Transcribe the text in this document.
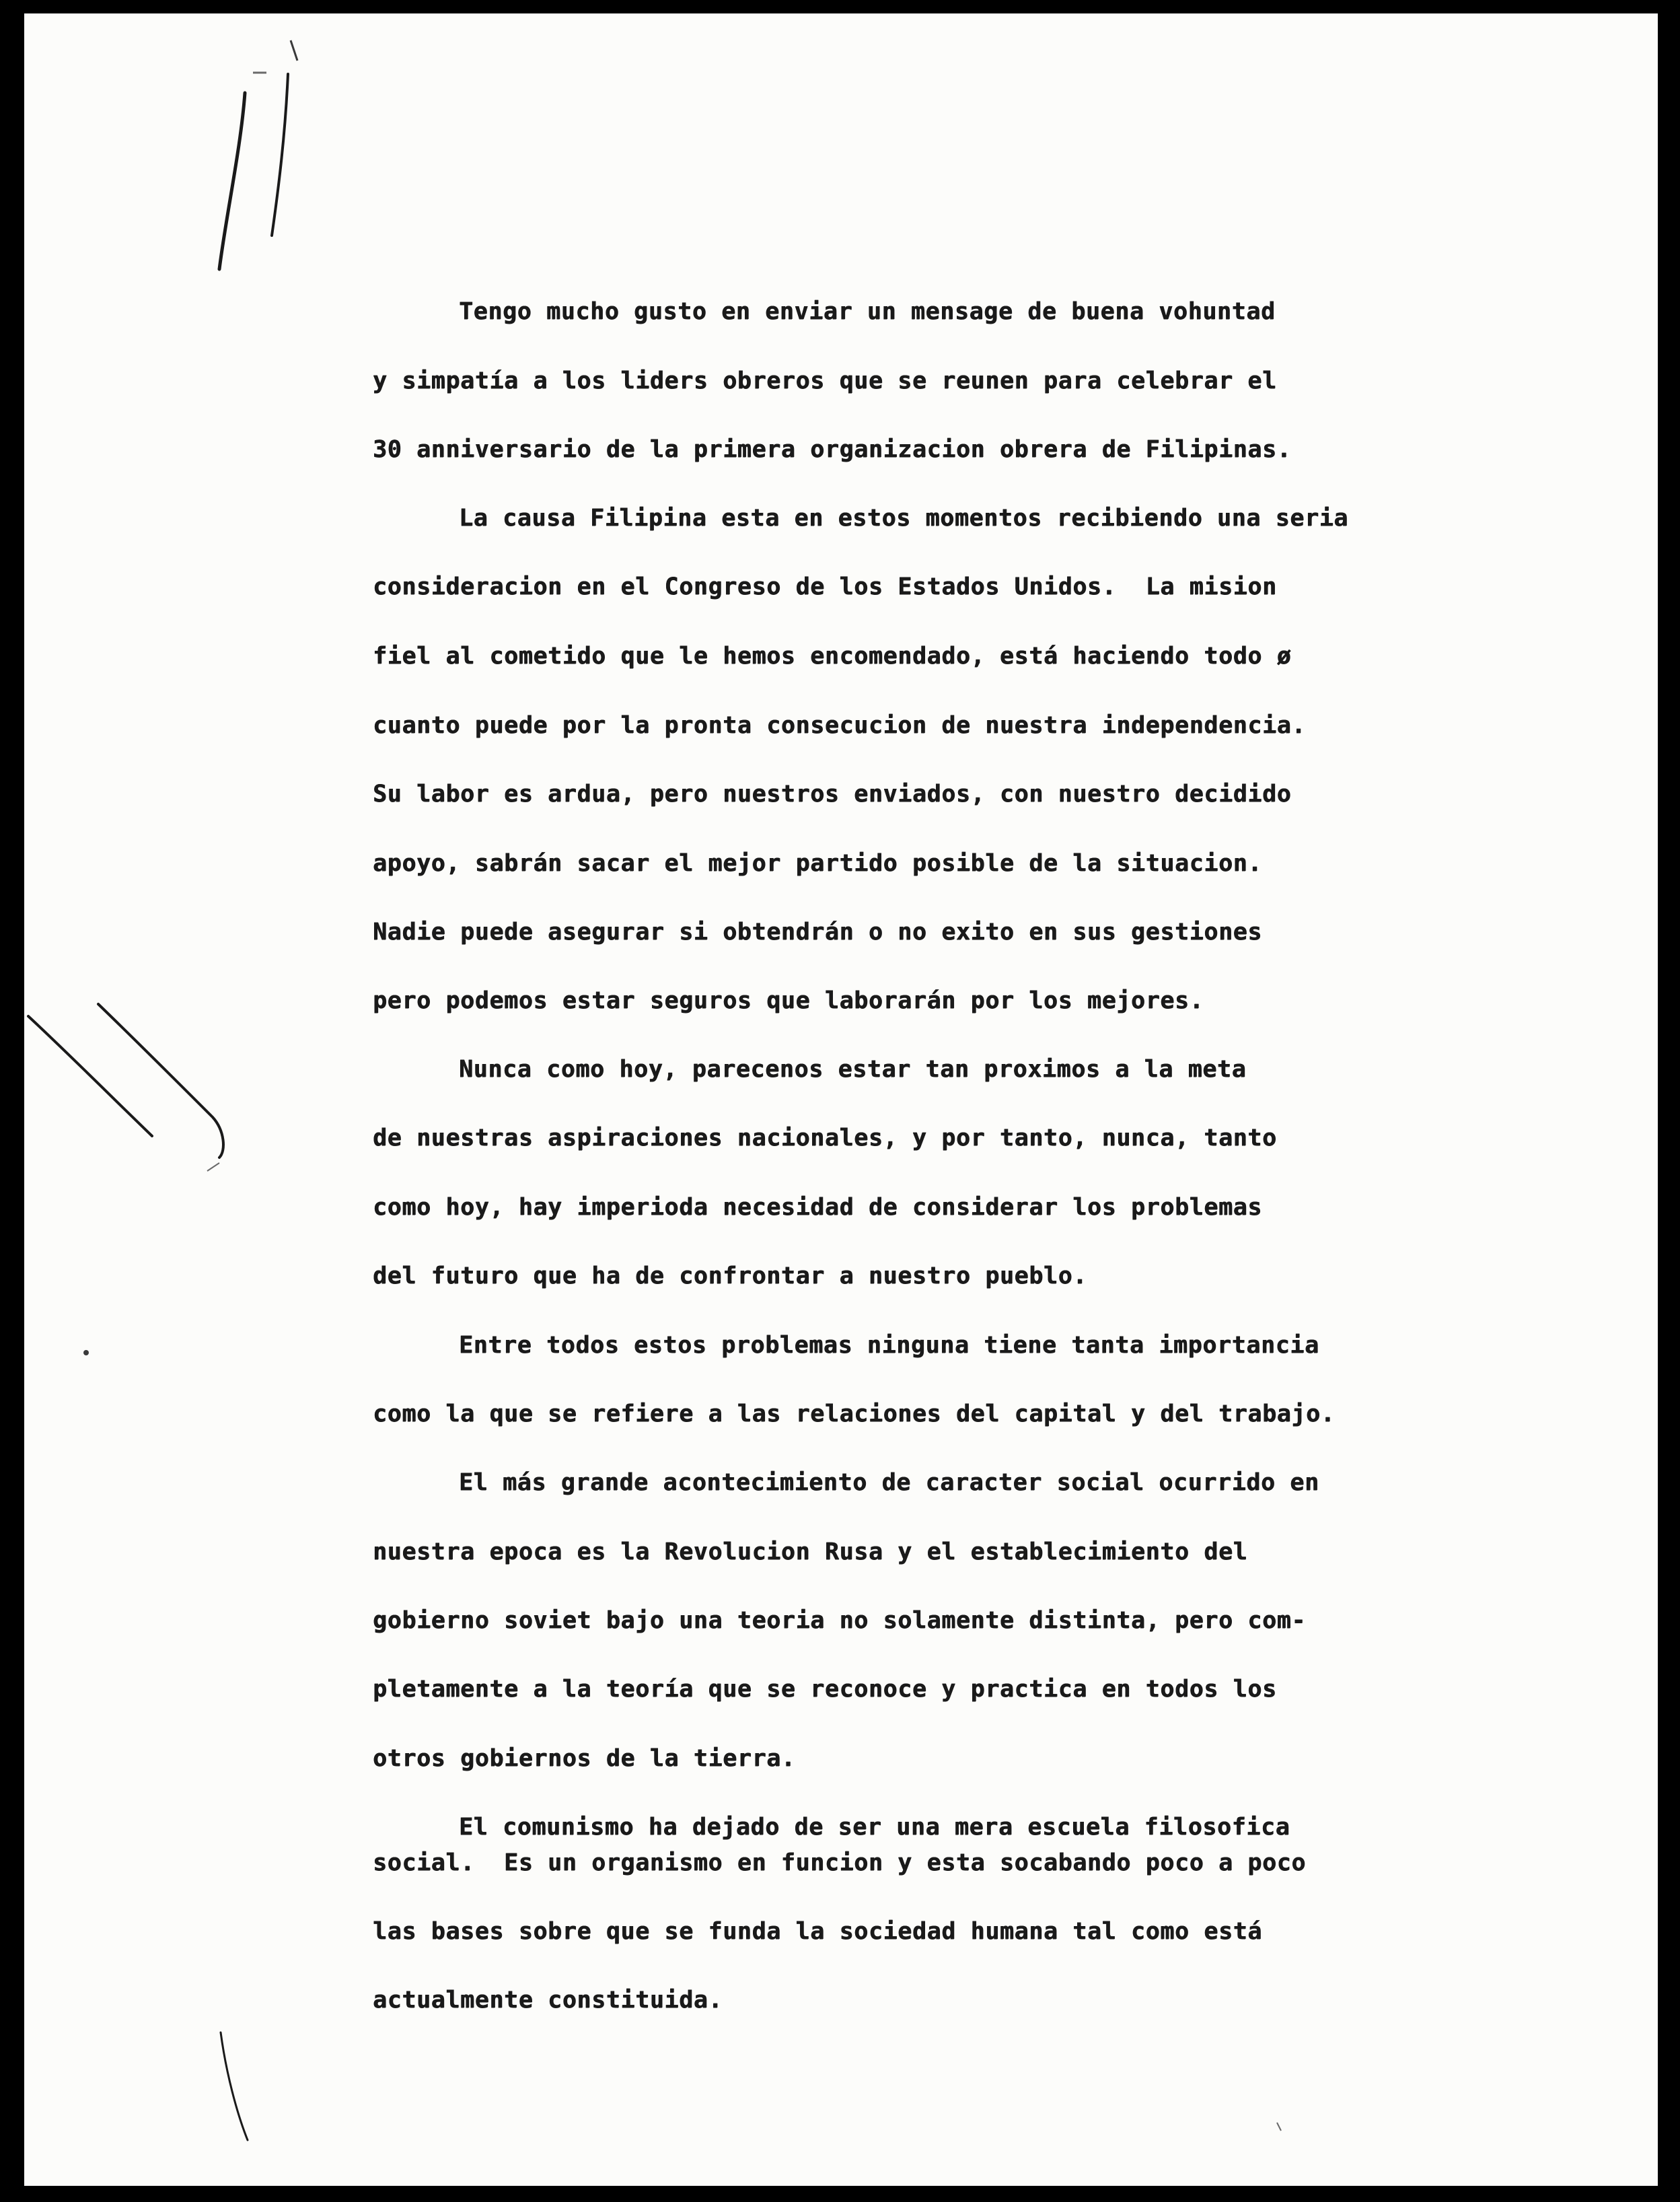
Tengo mucho gusto en enviar un mensage de buena vohuntad
y simpatía a los liders obreros que se reunen para celebrar el
30 anniversario de la primera organizacion obrera de Filipinas.
La causa Filipina esta en estos momentos recibiendo una seria
consideracion en el Congreso de los Estados Unidos.  La mision
fiel al cometido que le hemos encomendado, está haciendo todo ø
cuanto puede por la pronta consecucion de nuestra independencia.
Su labor es ardua, pero nuestros enviados, con nuestro decidido
apoyo, sabrán sacar el mejor partido posible de la situacion.
Nadie puede asegurar si obtendrán o no exito en sus gestiones
pero podemos estar seguros que laborarán por los mejores.
Nunca como hoy, parecenos estar tan proximos a la meta
de nuestras aspiraciones nacionales, y por tanto, nunca, tanto
como hoy, hay imperioda necesidad de considerar los problemas
del futuro que ha de confrontar a nuestro pueblo.
Entre todos estos problemas ninguna tiene tanta importancia
como la que se refiere a las relaciones del capital y del trabajo.
El más grande acontecimiento de caracter social ocurrido en
nuestra epoca es la Revolucion Rusa y el establecimiento del
gobierno soviet bajo una teoria no solamente distinta, pero com-
pletamente a la teoría que se reconoce y practica en todos los
otros gobiernos de la tierra.
El comunismo ha dejado de ser una mera escuela filosofica
social.  Es un organismo en funcion y esta socabando poco a poco
las bases sobre que se funda la sociedad humana tal como está
actualmente constituida.
